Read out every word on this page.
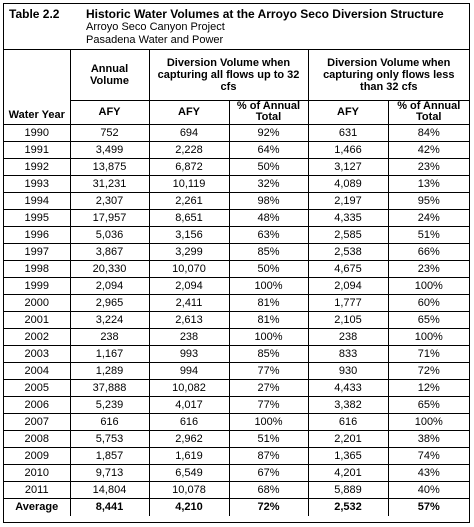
Table 2.2 Historic Water Volumes at the Arroyo Seco Diversion Structure
Arroyo Seco Canyon Project
Pasadena Water and Power
Water Year	Annual Volume	Diversion Volume when capturing all flows up to 32 cfs		Diversion Volume when capturing only flows less than 32 cfs	
	AFY	AFY	% of Annual Total	AFY	% of Annual Total
1990	752	694	92%	631	84%
1991	3,499	2,228	64%	1,466	42%
1992	13,875	6,872	50%	3,127	23%
1993	31,231	10,119	32%	4,089	13%
1994	2,307	2,261	98%	2,197	95%
1995	17,957	8,651	48%	4,335	24%
1996	5,036	3,156	63%	2,585	51%
1997	3,867	3,299	85%	2,538	66%
1998	20,330	10,070	50%	4,675	23%
1999	2,094	2,094	100%	2,094	100%
2000	2,965	2,411	81%	1,777	60%
2001	3,224	2,613	81%	2,105	65%
2002	238	238	100%	238	100%
2003	1,167	993	85%	833	71%
2004	1,289	994	77%	930	72%
2005	37,888	10,082	27%	4,433	12%
2006	5,239	4,017	77%	3,382	65%
2007	616	616	100%	616	100%
2008	5,753	2,962	51%	2,201	38%
2009	1,857	1,619	87%	1,365	74%
2010	9,713	6,549	67%	4,201	43%
2011	14,804	10,078	68%	5,889	40%
Average	8,441	4,210	72%	2,532	57%
